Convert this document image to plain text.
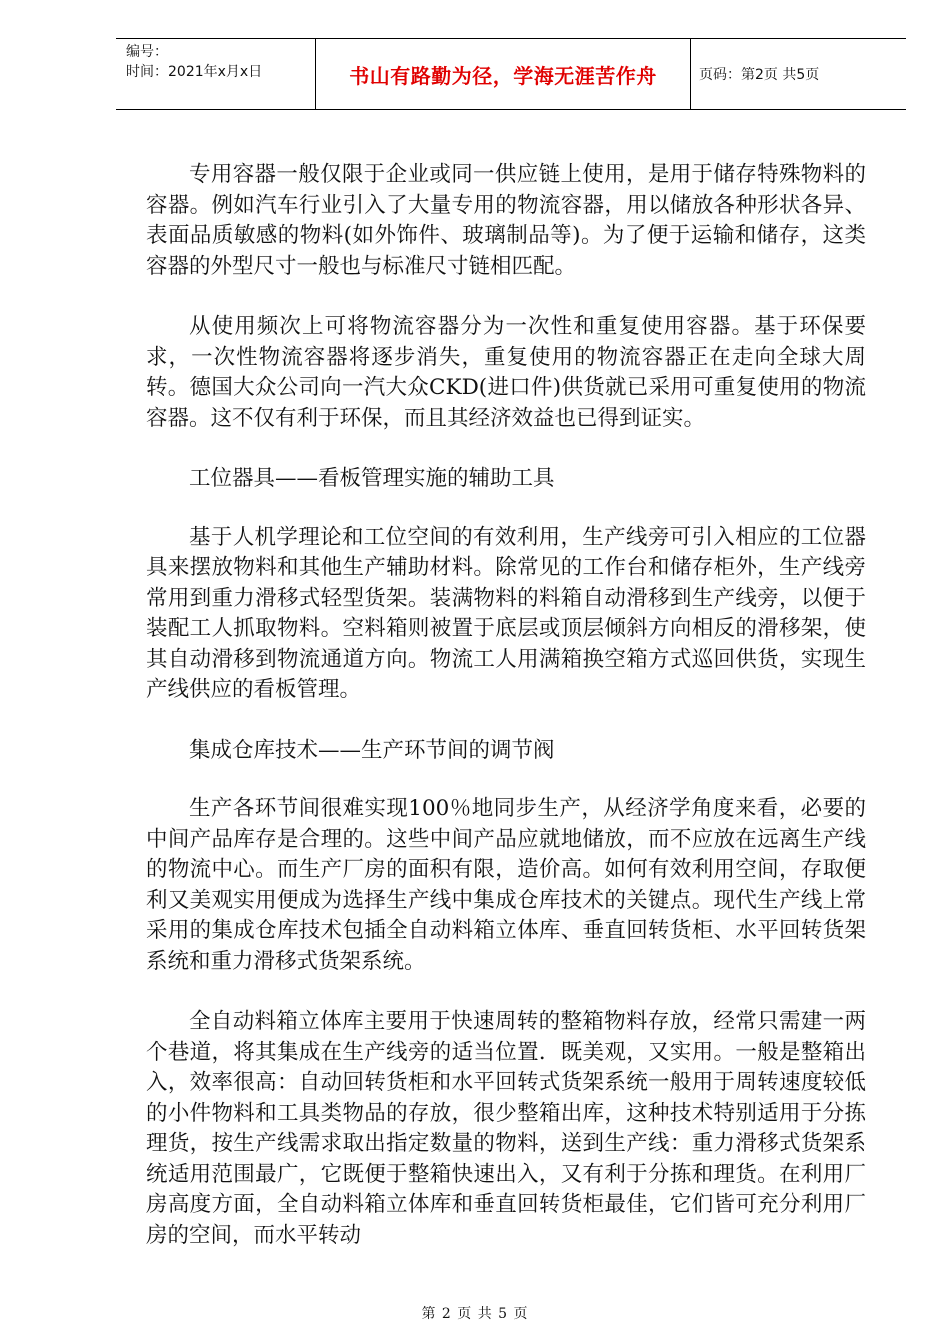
编号：
时间：2021年x月x日	书山有路勤为径，学海无涯苦作舟	页码：第2页 共5页

专用容器一般仅限于企业或同一供应链上使用，是用于储存特殊物料的容器。例如汽车行业引入了大量专用的物流容器，用以储放各种形状各异、表面品质敏感的物料(如外饰件、玻璃制品等)。为了便于运输和储存，这类容器的外型尺寸一般也与标准尺寸链相匹配。

从使用频次上可将物流容器分为一次性和重复使用容器。基于环保要求，一次性物流容器将逐步消失，重复使用的物流容器正在走向全球大周转。德国大众公司向一汽大众CKD(进口件)供货就已采用可重复使用的物流容器。这不仅有利于环保，而且其经济效益也已得到证实。

工位器具——看板管理实施的辅助工具

基于人机学理论和工位空间的有效利用，生产线旁可引入相应的工位器具来摆放物料和其他生产辅助材料。除常见的工作台和储存柜外，生产线旁常用到重力滑移式轻型货架。装满物料的料箱自动滑移到生产线旁，以便于装配工人抓取物料。空料箱则被置于底层或顶层倾斜方向相反的滑移架，使其自动滑移到物流通道方向。物流工人用满箱换空箱方式巡回供货，实现生产线供应的看板管理。

集成仓库技术——生产环节间的调节阀

生产各环节间很难实现100％地同步生产，从经济学角度来看，必要的中间产品库存是合理的。这些中间产品应就地储放，而不应放在远离生产线的物流中心。而生产厂房的面积有限，造价高。如何有效利用空间，存取便利又美观实用便成为选择生产线中集成仓库技术的关键点。现代生产线上常采用的集成仓库技术包插全自动料箱立体库、垂直回转货柜、水平回转货架系统和重力滑移式货架系统。

全自动料箱立体库主要用于快速周转的整箱物料存放，经常只需建一两个巷道，将其集成在生产线旁的适当位置．既美观，又实用。一般是整箱出入，效率很高：自动回转货柜和水平回转式货架系统一般用于周转速度较低的小件物料和工具类物品的存放，很少整箱出库，这种技术特别适用于分拣理货，按生产线需求取出指定数量的物料，送到生产线：重力滑移式货架系统适用范围最广，它既便于整箱快速出入，又有利于分拣和理货。在利用厂房高度方面，全自动料箱立体库和垂直回转货柜最佳，它们皆可充分利用厂房的空间，而水平转动

第 2 页 共 5 页
